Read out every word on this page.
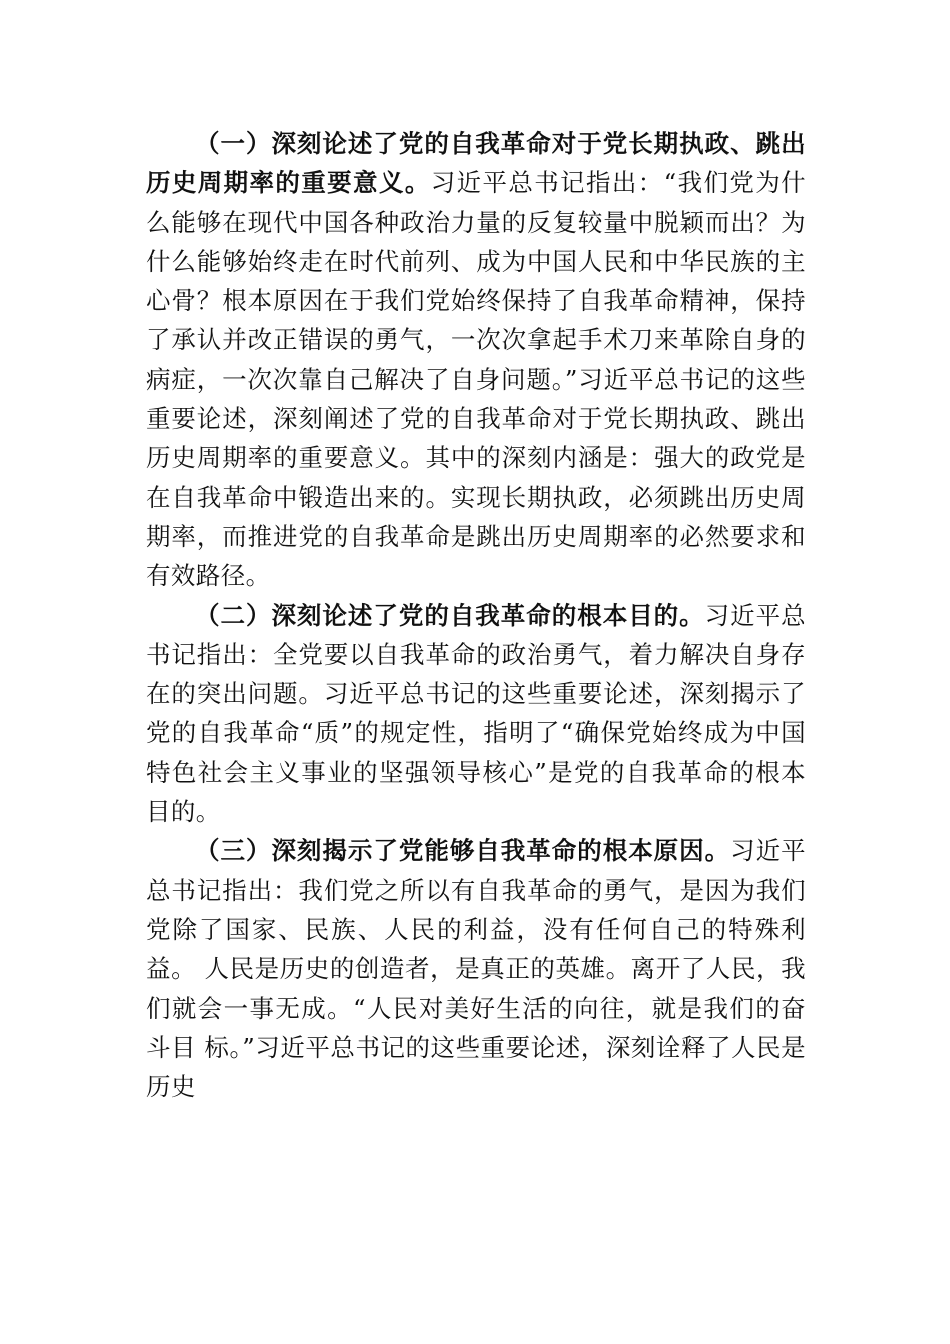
（一）深刻论述了党的自我革命对于党长期执政、跳出历史周期率的重要意义。习近平总书记指出：“我们党为什么能够在现代中国各种政治力量的反复较量中脱颖而出？为什么能够始终走在时代前列、成为中国人民和中华民族的主心骨？根本原因在于我们党始终保持了自我革命精神，保持了承认并改正错误的勇气，一次次拿起手术刀来革除自身的病症，一次次靠自己解决了自身问题。”习近平总书记的这些重要论述，深刻阐述了党的自我革命对于党长期执政、跳出历史周期率的重要意义。其中的深刻内涵是：强大的政党是在自我革命中锻造出来的。实现长期执政，必须跳出历史周期率，而推进党的自我革命是跳出历史周期率的必然要求和有效路径。

（二）深刻论述了党的自我革命的根本目的。习近平总书记指出：全党要以自我革命的政治勇气，着力解决自身存在的突出问题。习近平总书记的这些重要论述，深刻揭示了党的自我革命“质”的规定性，指明了“确保党始终成为中国特色社会主义事业的坚强领导核心”是党的自我革命的根本目的。

（三）深刻揭示了党能够自我革命的根本原因。习近平总书记指出：我们党之所以有自我革命的勇气，是因为我们党除了国家、民族、人民的利益，没有任何自己的特殊利益。 人民是历史的创造者，是真正的英雄。离开了人民，我们就会一事无成。“人民对美好生活的向往，就是我们的奋斗目 标。”习近平总书记的这些重要论述，深刻诠释了人民是历史
